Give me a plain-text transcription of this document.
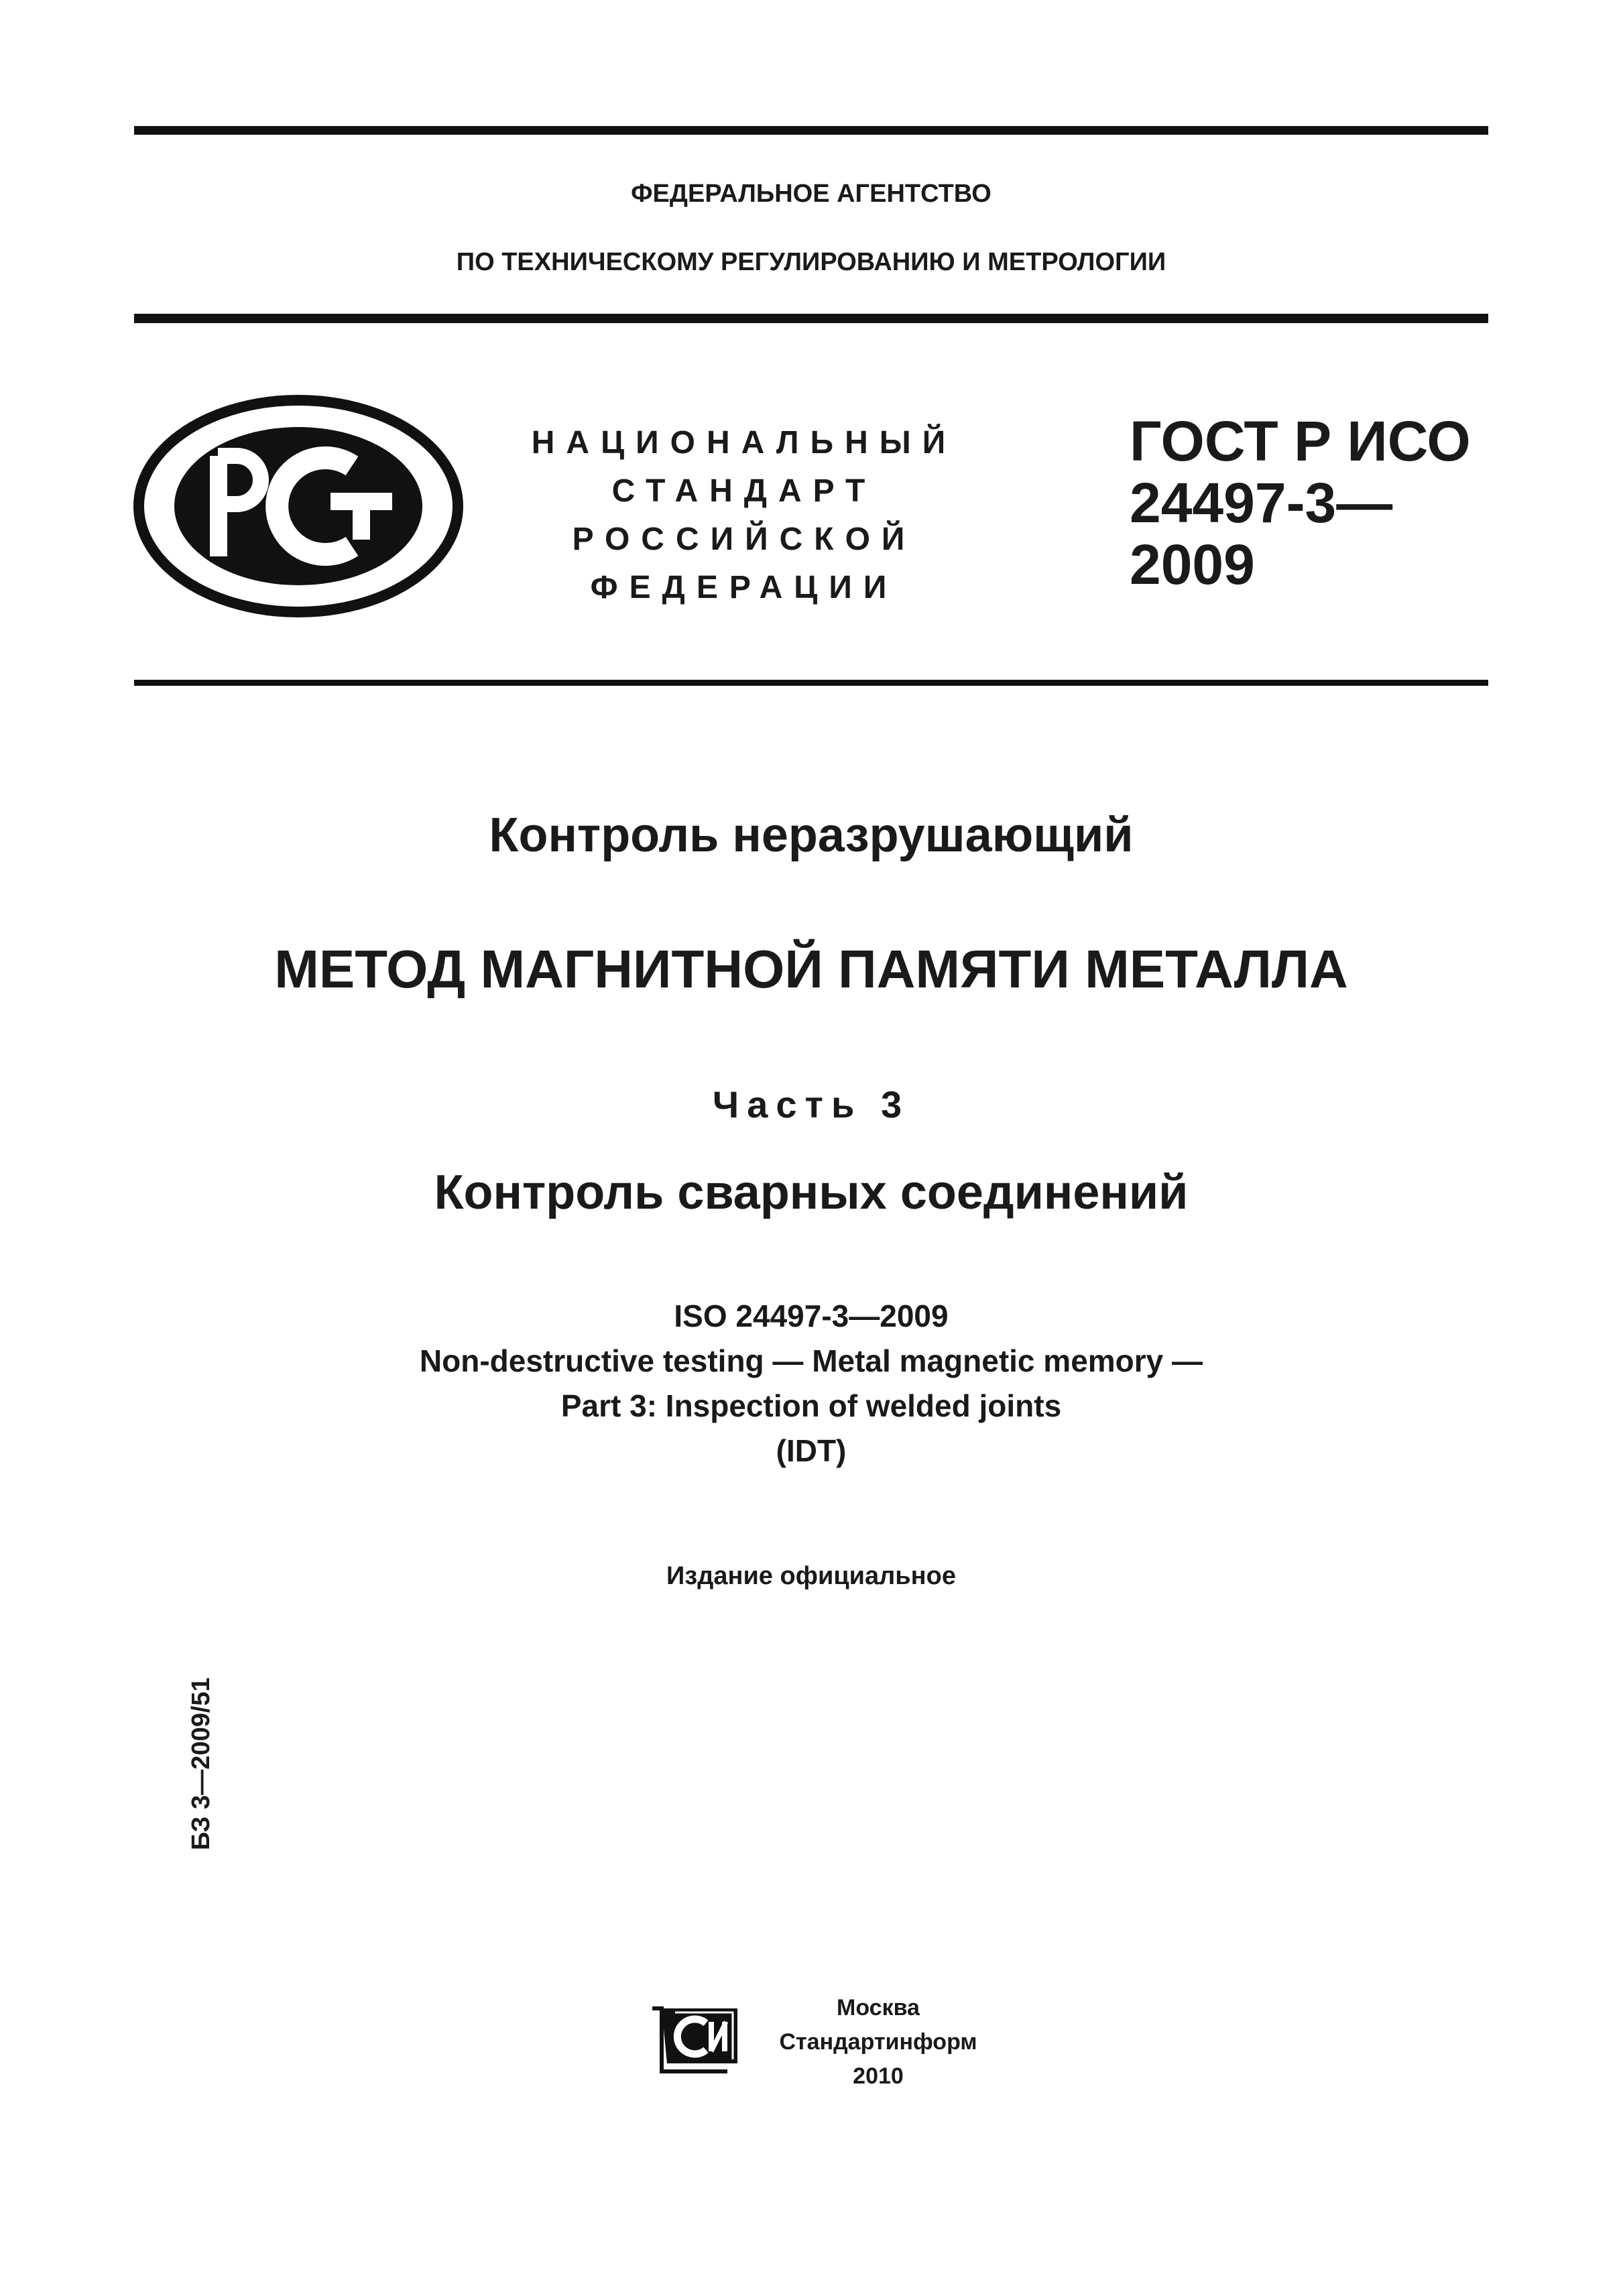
ФЕДЕРАЛЬНОЕ АГЕНТСТВО
ПО ТЕХНИЧЕСКОМУ РЕГУЛИРОВАНИЮ И МЕТРОЛОГИИ
НАЦИОНАЛЬНЫЙ
СТАНДАРТ
РОССИЙСКОЙ
ФЕДЕРАЦИИ
ГОСТ Р ИСО
24497-3—
2009
Контроль неразрушающий
МЕТОД МАГНИТНОЙ ПАМЯТИ МЕТАЛЛА
Часть 3
Контроль сварных соединений
ISO 24497-3—2009
Non-destructive testing — Metal magnetic memory —
Part 3: Inspection of welded joints
(IDT)
Издание официальное
БЗ 3—2009/51
Москва
Стандартинформ
2010
